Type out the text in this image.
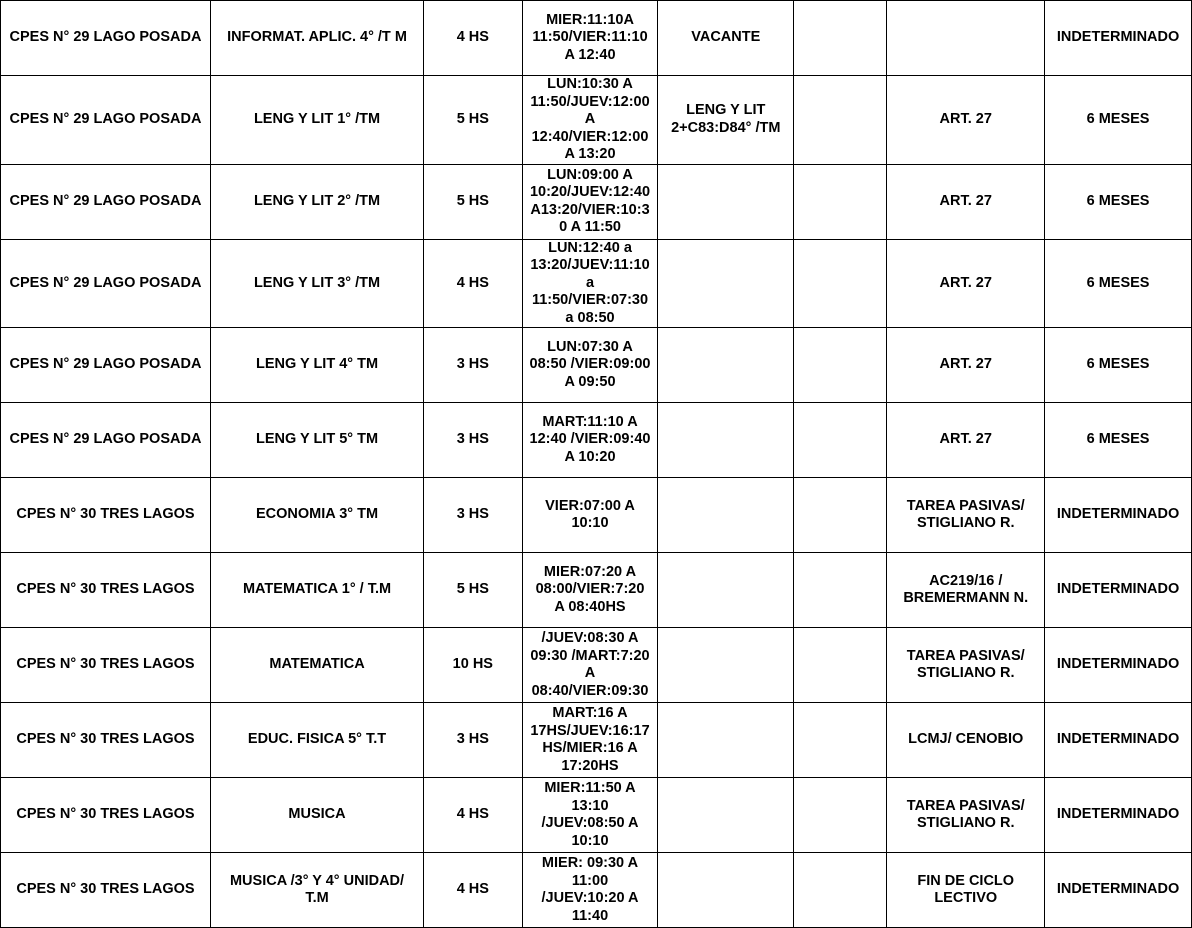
CPES N° 29 LAGO POSADA	INFORMAT. APLIC. 4° /T M	4 HS	MIER:11:10A
11:50/VIER:11:10
A 12:40	VACANTE			INDETERMINADO
CPES N° 29 LAGO POSADA	LENG Y LIT 1° /TM	5 HS	LUN:10:30 A
11:50/JUEV:12:00
A
12:40/VIER:12:00
A 13:20	LENG Y LIT
2+C83:D84° /TM		ART. 27	6 MESES
CPES N° 29 LAGO POSADA	LENG Y LIT 2° /TM	5 HS	LUN:09:00 A
10:20/JUEV:12:40
A13:20/VIER:10:3
0 A 11:50			ART. 27	6 MESES
CPES N° 29 LAGO POSADA	LENG Y LIT 3° /TM	4 HS	LUN:12:40 a
13:20/JUEV:11:10
a
11:50/VIER:07:30
a 08:50			ART. 27	6 MESES
CPES N° 29 LAGO POSADA	LENG Y LIT 4° TM	3 HS	LUN:07:30 A
08:50 /VIER:09:00
A 09:50			ART. 27	6 MESES
CPES N° 29 LAGO POSADA	LENG Y LIT 5° TM	3 HS	MART:11:10 A
12:40 /VIER:09:40
A 10:20			ART. 27	6 MESES
CPES N° 30 TRES LAGOS	ECONOMIA 3° TM	3 HS	VIER:07:00 A
10:10			TAREA PASIVAS/
STIGLIANO R.	INDETERMINADO
CPES N° 30 TRES LAGOS	MATEMATICA 1° / T.M	5 HS	MIER:07:20 A
08:00/VIER:7:20
A 08:40HS			AC219/16 /
BREMERMANN N.	INDETERMINADO
CPES N° 30 TRES LAGOS	MATEMATICA	10 HS	/JUEV:08:30 A
09:30 /MART:7:20
A
08:40/VIER:09:30			TAREA PASIVAS/
STIGLIANO R.	INDETERMINADO
CPES N° 30 TRES LAGOS	EDUC. FISICA 5° T.T	3 HS	MART:16 A
17HS/JUEV:16:17
HS/MIER:16 A
17:20HS			LCMJ/ CENOBIO	INDETERMINADO
CPES N° 30 TRES LAGOS	MUSICA	4 HS	MIER:11:50 A
13:10
/JUEV:08:50 A
10:10			TAREA PASIVAS/
STIGLIANO R.	INDETERMINADO
CPES N° 30 TRES LAGOS	MUSICA /3° Y 4° UNIDAD/
T.M	4 HS	MIER: 09:30 A
11:00
/JUEV:10:20 A
11:40			FIN DE CICLO
LECTIVO	INDETERMINADO
